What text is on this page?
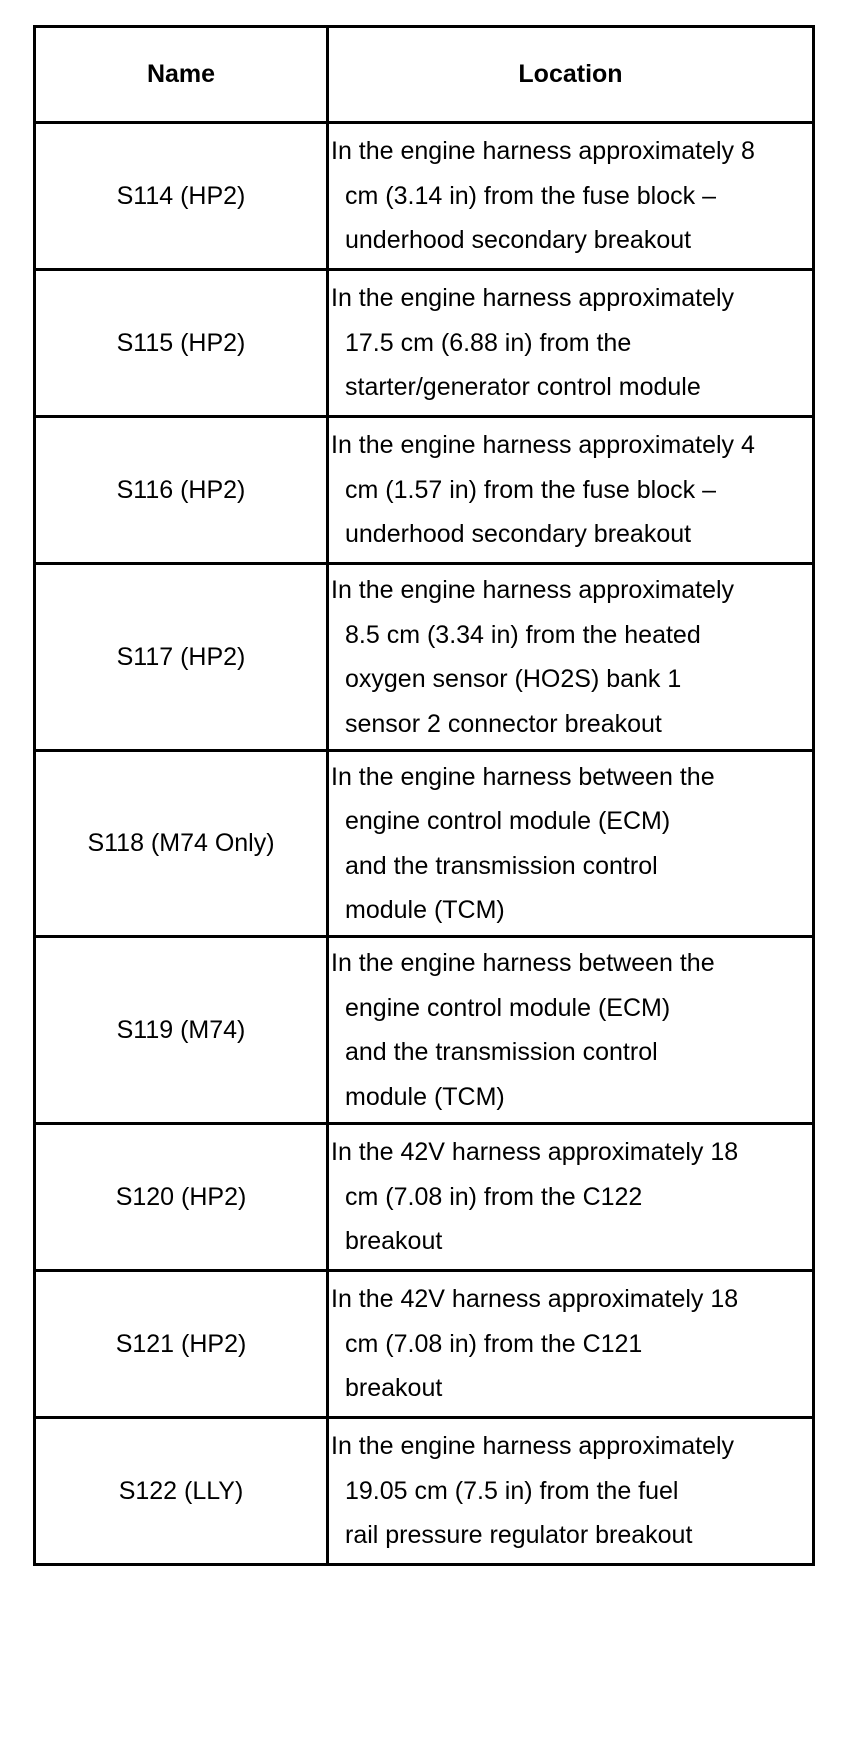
Name	Location
S114 (HP2)	In the engine harness approximately 8
cm (3.14 in) from the fuse block –
underhood secondary breakout

S115 (HP2)	In the engine harness approximately
17.5 cm (6.88 in) from the
starter/generator control module

S116 (HP2)	In the engine harness approximately 4
cm (1.57 in) from the fuse block –
underhood secondary breakout

S117 (HP2)	In the engine harness approximately
8.5 cm (3.34 in) from the heated
oxygen sensor (HO2S) bank 1
sensor 2 connector breakout

S118 (M74 Only)	In the engine harness between the
engine control module (ECM)
and the transmission control
module (TCM)

S119 (M74)	In the engine harness between the
engine control module (ECM)
and the transmission control
module (TCM)

S120 (HP2)	In the 42V harness approximately 18
cm (7.08 in) from the C122
breakout

S121 (HP2)	In the 42V harness approximately 18
cm (7.08 in) from the C121
breakout

S122 (LLY)	In the engine harness approximately
19.05 cm (7.5 in) from the fuel
rail pressure regulator breakout
